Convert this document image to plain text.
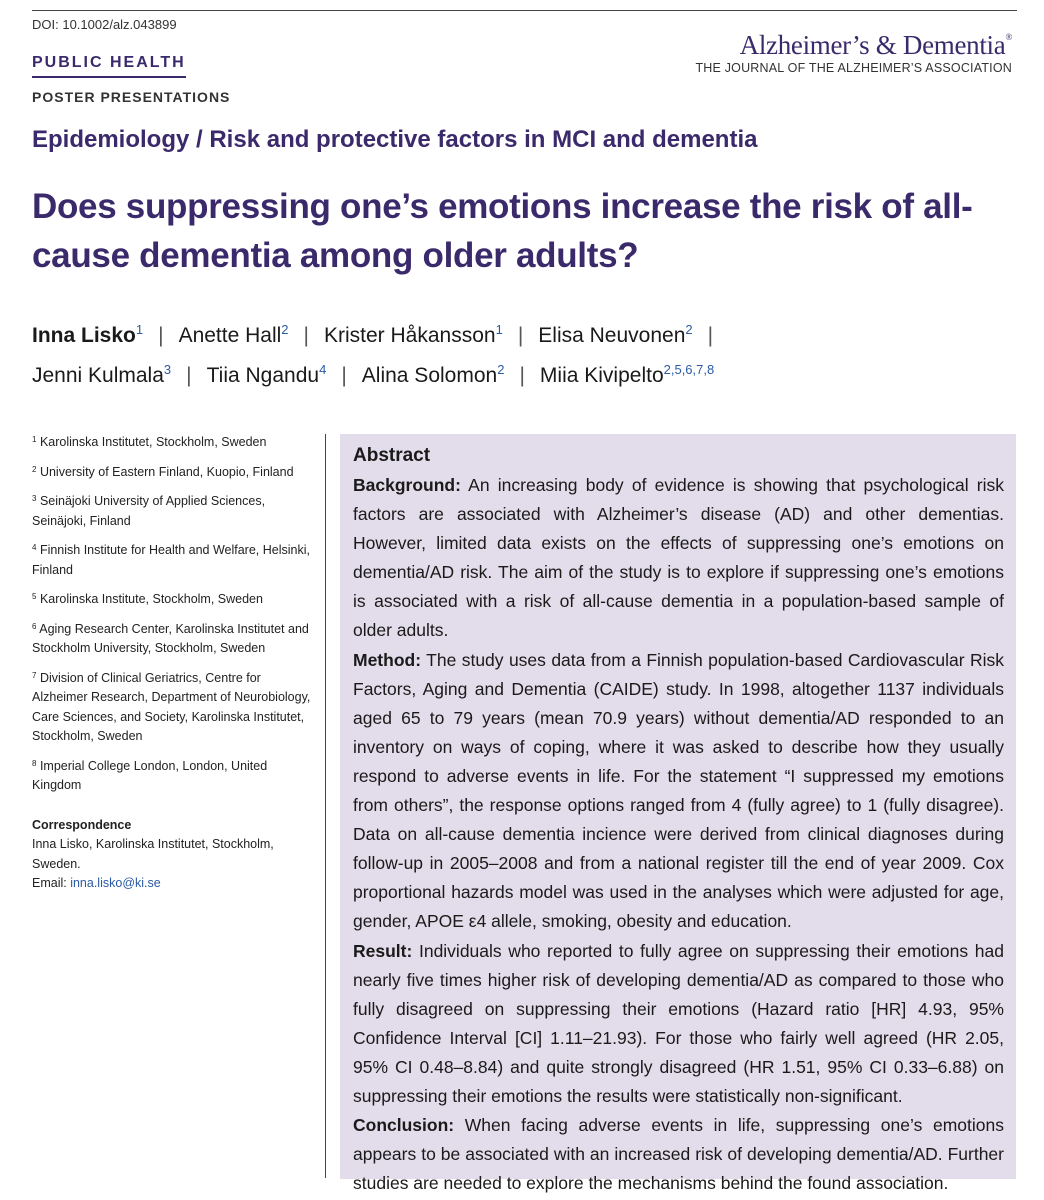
DOI: 10.1002/alz.043899
PUBLIC HEALTH
POSTER PRESENTATIONS
Alzheimer’s & Dementia®
THE JOURNAL OF THE ALZHEIMER’S ASSOCIATION
Epidemiology / Risk and protective factors in MCI and dementia
Does suppressing one’s emotions increase the risk of all-cause dementia among older adults?
Inna Lisko$^1$ | Anette Hall$^2$ | Krister Håkansson$^1$ | Elisa Neuvonen$^2$ |
Jenni Kulmala$^3$ | Tiia Ngandu$^4$ | Alina Solomon$^2$ | Miia Kivipelto$^{2,5,6,7,8}$

$^1$ Karolinska Institutet, Stockholm, Sweden

$^2$ University of Eastern Finland, Kuopio, Finland

$^3$ Seinäjoki University of Applied Sciences, Seinäjoki, Finland

$^4$ Finnish Institute for Health and Welfare, Helsinki, Finland

$^5$ Karolinska Institute, Stockholm, Sweden

$^6$ Aging Research Center, Karolinska Institutet and Stockholm University, Stockholm, Sweden

$^7$ Division of Clinical Geriatrics, Centre for Alzheimer Research, Department of Neurobiology, Care Sciences, and Society, Karolinska Institutet, Stockholm, Sweden

$^8$ Imperial College London, London, United Kingdom

Correspondence

Inna Lisko, Karolinska Institutet, Stockholm, Sweden.

Email: inna.lisko@ki.se

Abstract

Background: An increasing body of evidence is showing that psychological risk factors are associated with Alzheimer’s disease (AD) and other dementias. However, limited data exists on the effects of suppressing one’s emotions on dementia/AD risk. The aim of the study is to explore if suppressing one’s emotions is associated with a risk of all-cause dementia in a population-based sample of older adults.

Method: The study uses data from a Finnish population-based Cardiovascular Risk Factors, Aging and Dementia (CAIDE) study. In 1998, altogether 1137 individuals aged 65 to 79 years (mean 70.9 years) without dementia/AD responded to an inventory on ways of coping, where it was asked to describe how they usually respond to adverse events in life. For the statement “I suppressed my emotions from others”, the response options ranged from 4 (fully agree) to 1 (fully disagree). Data on all-cause dementia incience were derived from clinical diagnoses during follow-up in 2005–2008 and from a national register till the end of year 2009. Cox proportional hazards model was used in the analyses which were adjusted for age, gender, APOE ε4 allele, smoking, obesity and education.

Result: Individuals who reported to fully agree on suppressing their emotions had nearly five times higher risk of developing dementia/AD as compared to those who fully disagreed on suppressing their emotions (Hazard ratio [HR] 4.93, 95% Confidence Interval [CI] 1.11–21.93). For those who fairly well agreed (HR 2.05, 95% CI 0.48–8.84) and quite strongly disagreed (HR 1.51, 95% CI 0.33–6.88) on suppressing their emotions the results were statistically non-significant.

Conclusion: When facing adverse events in life, suppressing one’s emotions appears to be associated with an increased risk of developing dementia/AD. Further studies are needed to explore the mechanisms behind the found association.
